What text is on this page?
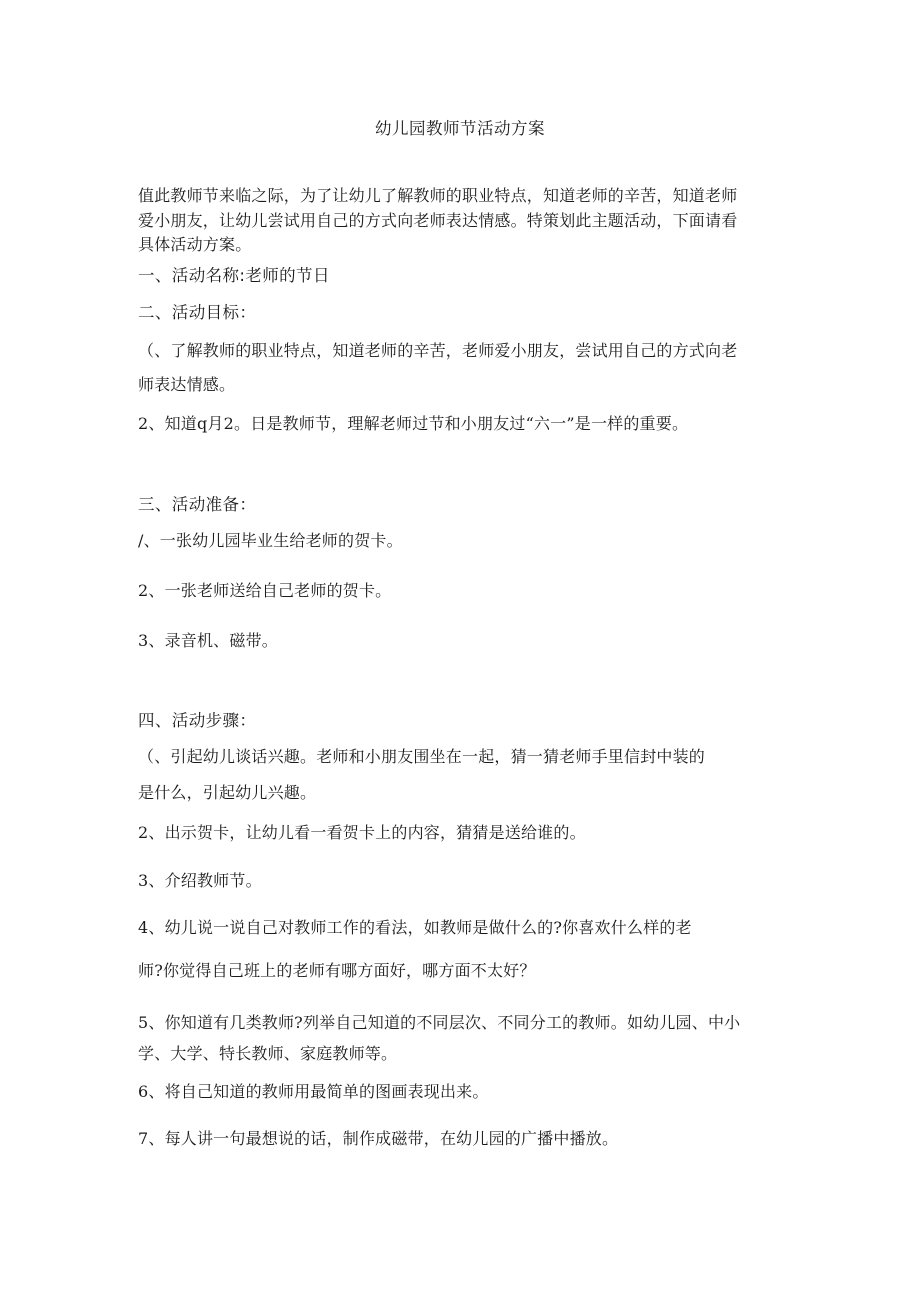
幼儿园教师节活动方案
值此教师节来临之际，为了让幼儿了解教师的职业特点，知道老师的辛苦，知道老师
爱小朋友，让幼儿尝试用自己的方式向老师表达情感。特策划此主题活动，下面请看
具体活动方案。
一、活动名称:老师的节日
二、活动目标：
（、了解教师的职业特点，知道老师的辛苦，老师爱小朋友，尝试用自己的方式向老
师表达情感。
2、知道q月2。日是教师节，理解老师过节和小朋友过“六一”是一样的重要。
三、活动准备：
/、一张幼儿园毕业生给老师的贺卡。
2、一张老师送给自己老师的贺卡。
3、录音机、磁带。
四、活动步骤：
（、引起幼儿谈话兴趣。老师和小朋友围坐在一起，猜一猜老师手里信封中装的
是什么，引起幼儿兴趣。
2、出示贺卡，让幼儿看一看贺卡上的内容，猜猜是送给谁的。
3、介绍教师节。
4、幼儿说一说自己对教师工作的看法，如教师是做什么的?你喜欢什么样的老
师?你觉得自己班上的老师有哪方面好，哪方面不太好？
5、你知道有几类教师?列举自己知道的不同层次、不同分工的教师。如幼儿园、中小
学、大学、特长教师、家庭教师等。
6、将自己知道的教师用最简单的图画表现出来。
7、每人讲一句最想说的话，制作成磁带，在幼儿园的广播中播放。
